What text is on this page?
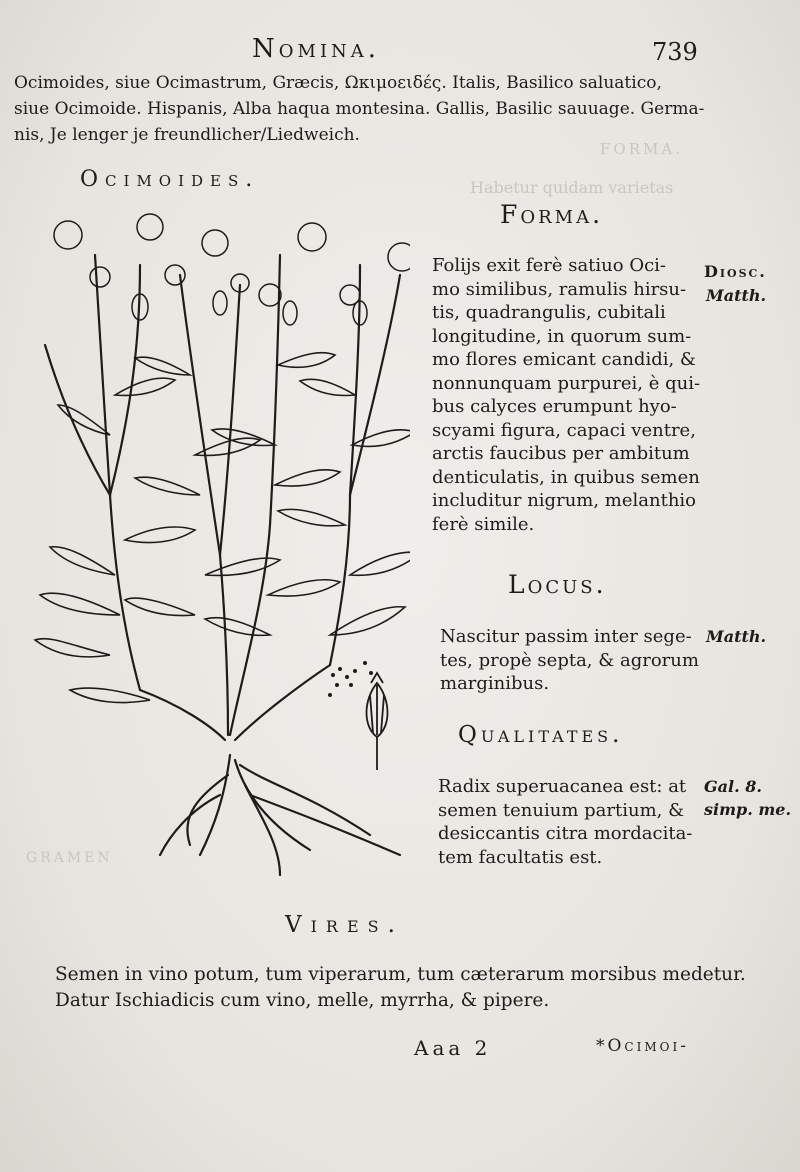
FORMA.
Habetur quidam varietas
GRAMEN
Nomina.	739
Ocimoides, siue Ocimastrum, Græcis, Ωκιμοειδές. Italis, Basilico saluatico,
siue Ocimoide. Hispanis, Alba haqua montesina. Gallis, Basilic sauuage. Germa-
nis, Je lenger je freundlicher/Liedweich.
Ocimoides.
Forma.
Folijs exit ferè satiuo Oci-
mo similibus, ramulis hirsu-
tis, quadrangulis, cubitali
longitudine, in quorum sum-
mo flores emicant candidi, &
nonnunquam purpurei, è qui-
bus calyces erumpunt hyo-
scyami figura, capaci ventre,
arctis faucibus per ambitum
denticulatis, in quibus semen
includitur nigrum, melanthio
ferè simile.
Diosc.
Matth.
Locus.
Nascitur passim inter sege-
tes, propè septa, & agrorum
marginibus.
Matth.
Qualitates.
Radix superuacanea est: at
semen tenuium partium, &
desiccantis citra mordacita-
tem facultatis est.
Gal. 8.
simp. me.
Vires.
Semen in vino potum, tum viperarum, tum cæterarum morsibus medetur.
Datur Ischiadicis cum vino, melle, myrrha, & pipere.
Aaa 2	*Ocimoi-
